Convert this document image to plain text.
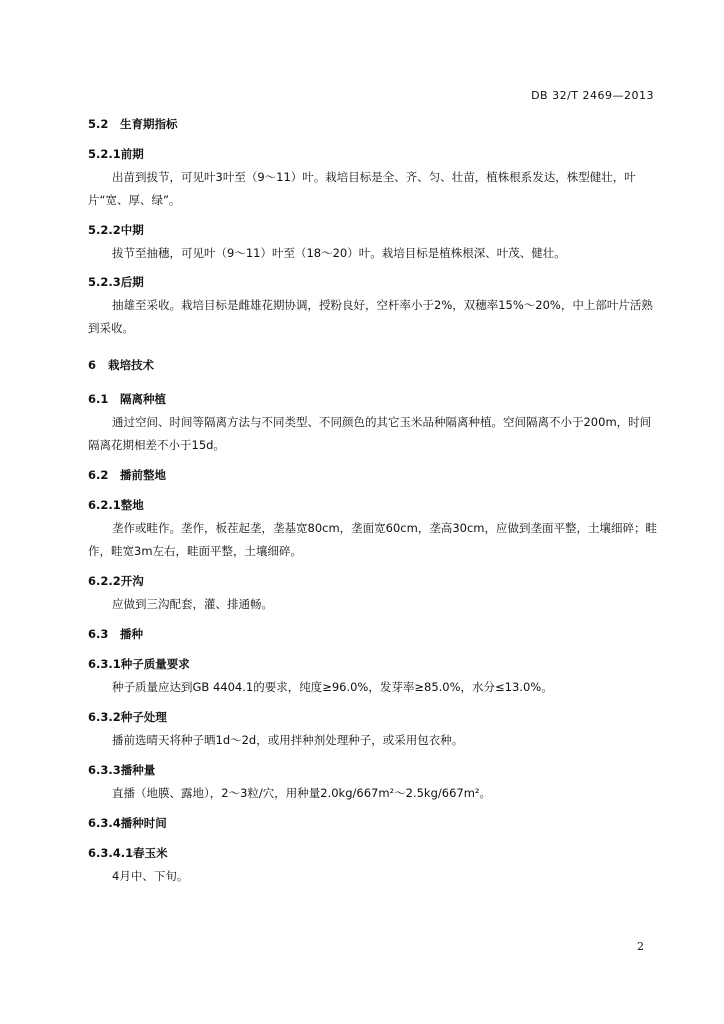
DB 32/T 2469—2013

5.2 生育期指标

5.2.1前期

出苗到拔节，可见叶3叶至（9～11）叶。栽培目标是全、齐、匀、壮苗，植株根系发达，株型健壮，叶片“宽、厚、绿”。

5.2.2中期

拔节至抽穗，可见叶（9～11）叶至（18～20）叶。栽培目标是植株根深、叶茂、健壮。

5.2.3后期

抽雄至采收。栽培目标是雌雄花期协调，授粉良好，空杆率小于2%，双穗率15%～20%，中上部叶片活熟到采收。

6 栽培技术

6.1 隔离种植

通过空间、时间等隔离方法与不同类型、不同颜色的其它玉米品种隔离种植。空间隔离不小于200m，时间隔离花期相差不小于15d。

6.2 播前整地

6.2.1整地

垄作或畦作。垄作，板茬起垄，垄基宽80cm，垄面宽60cm，垄高30cm，应做到垄面平整，土壤细碎；畦作，畦宽3m左右，畦面平整，土壤细碎。

6.2.2开沟

应做到三沟配套，灌、排通畅。

6.3 播种

6.3.1种子质量要求

种子质量应达到GB 4404.1的要求，纯度≥96.0%，发芽率≥85.0%，水分≤13.0%。

6.3.2种子处理

播前选晴天将种子晒1d～2d，或用拌种剂处理种子，或采用包衣种。

6.3.3播种量

直播（地膜、露地），2～3粒/穴，用种量2.0kg/667m²～2.5kg/667m²。

6.3.4播种时间

6.3.4.1春玉米

4月中、下旬。

2
